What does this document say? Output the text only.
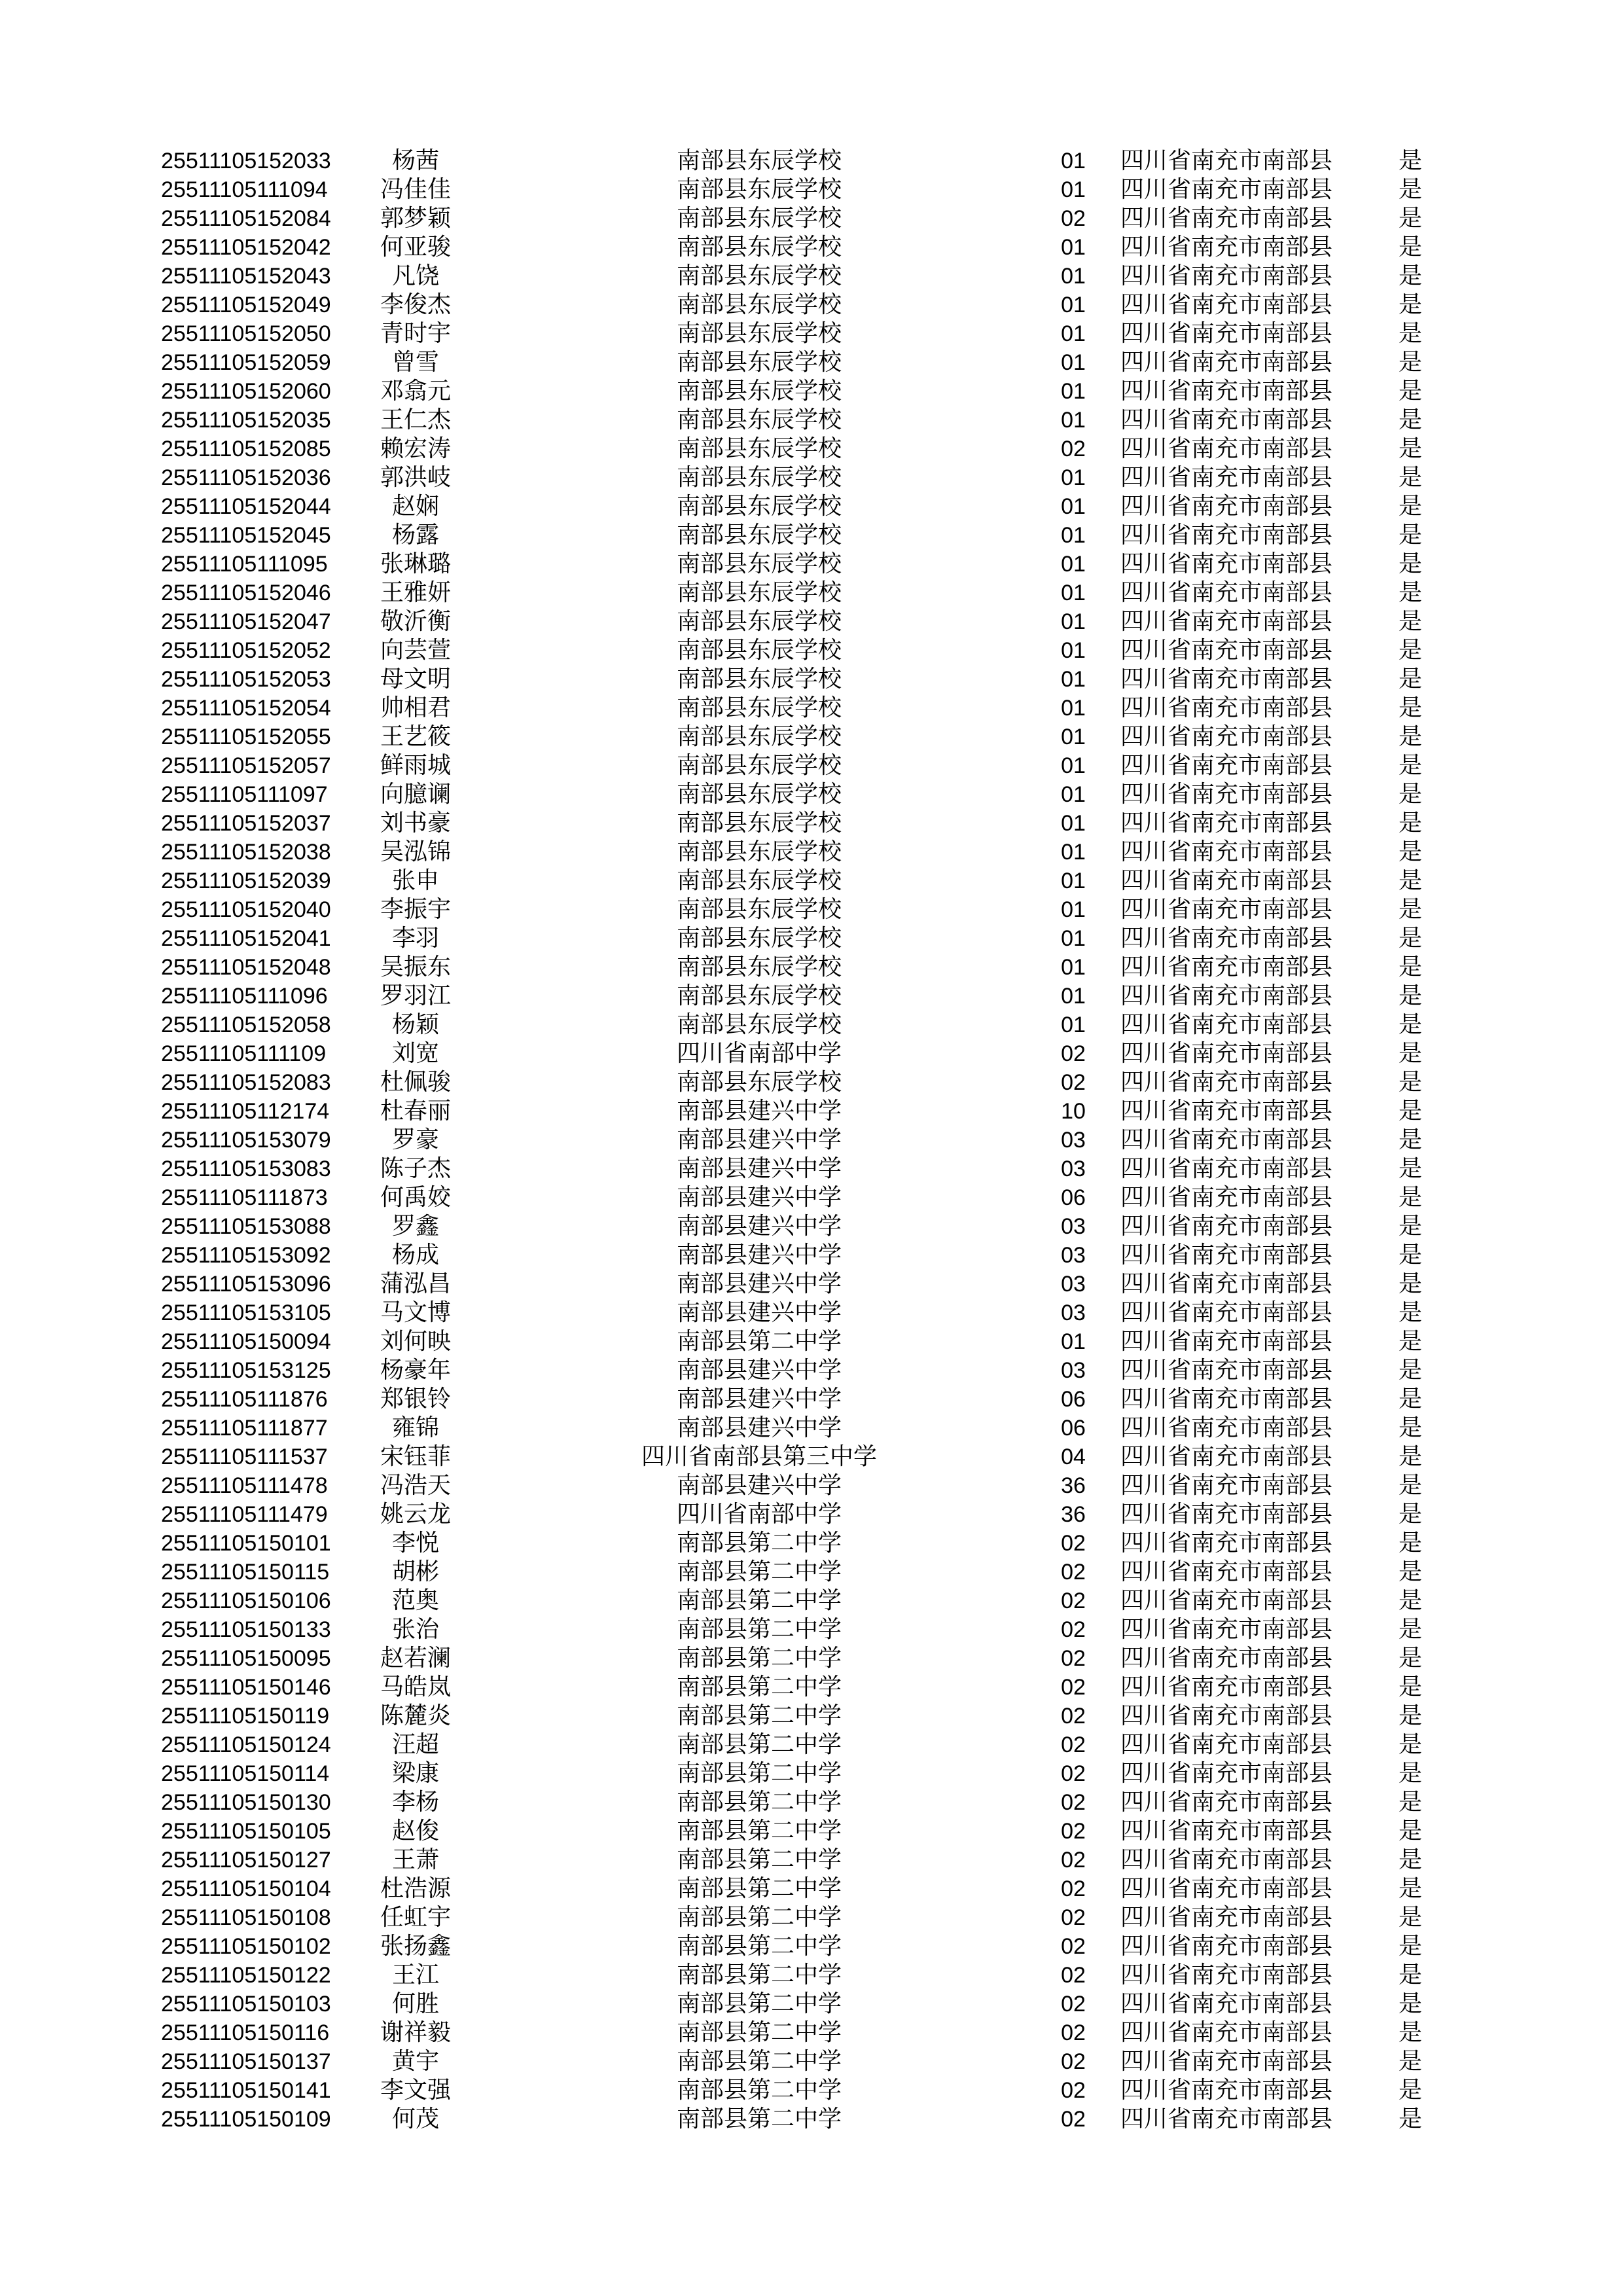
25511105152033	杨茜	南部县东辰学校	01	四川省南充市南部县	是
25511105111094	冯佳佳	南部县东辰学校	01	四川省南充市南部县	是
25511105152084	郭梦颖	南部县东辰学校	02	四川省南充市南部县	是
25511105152042	何亚骏	南部县东辰学校	01	四川省南充市南部县	是
25511105152043	凡饶	南部县东辰学校	01	四川省南充市南部县	是
25511105152049	李俊杰	南部县东辰学校	01	四川省南充市南部县	是
25511105152050	青时宇	南部县东辰学校	01	四川省南充市南部县	是
25511105152059	曾雪	南部县东辰学校	01	四川省南充市南部县	是
25511105152060	邓翕元	南部县东辰学校	01	四川省南充市南部县	是
25511105152035	王仁杰	南部县东辰学校	01	四川省南充市南部县	是
25511105152085	赖宏涛	南部县东辰学校	02	四川省南充市南部县	是
25511105152036	郭洪岐	南部县东辰学校	01	四川省南充市南部县	是
25511105152044	赵娴	南部县东辰学校	01	四川省南充市南部县	是
25511105152045	杨露	南部县东辰学校	01	四川省南充市南部县	是
25511105111095	张琳璐	南部县东辰学校	01	四川省南充市南部县	是
25511105152046	王雅妍	南部县东辰学校	01	四川省南充市南部县	是
25511105152047	敬沂衡	南部县东辰学校	01	四川省南充市南部县	是
25511105152052	向芸萱	南部县东辰学校	01	四川省南充市南部县	是
25511105152053	母文明	南部县东辰学校	01	四川省南充市南部县	是
25511105152054	帅相君	南部县东辰学校	01	四川省南充市南部县	是
25511105152055	王艺筱	南部县东辰学校	01	四川省南充市南部县	是
25511105152057	鲜雨城	南部县东辰学校	01	四川省南充市南部县	是
25511105111097	向臆谰	南部县东辰学校	01	四川省南充市南部县	是
25511105152037	刘书豪	南部县东辰学校	01	四川省南充市南部县	是
25511105152038	吴泓锦	南部县东辰学校	01	四川省南充市南部县	是
25511105152039	张申	南部县东辰学校	01	四川省南充市南部县	是
25511105152040	李振宇	南部县东辰学校	01	四川省南充市南部县	是
25511105152041	李羽	南部县东辰学校	01	四川省南充市南部县	是
25511105152048	吴振东	南部县东辰学校	01	四川省南充市南部县	是
25511105111096	罗羽江	南部县东辰学校	01	四川省南充市南部县	是
25511105152058	杨颖	南部县东辰学校	01	四川省南充市南部县	是
25511105111109	刘宽	四川省南部中学	02	四川省南充市南部县	是
25511105152083	杜佩骏	南部县东辰学校	02	四川省南充市南部县	是
25511105112174	杜春丽	南部县建兴中学	10	四川省南充市南部县	是
25511105153079	罗豪	南部县建兴中学	03	四川省南充市南部县	是
25511105153083	陈子杰	南部县建兴中学	03	四川省南充市南部县	是
25511105111873	何禹姣	南部县建兴中学	06	四川省南充市南部县	是
25511105153088	罗鑫	南部县建兴中学	03	四川省南充市南部县	是
25511105153092	杨成	南部县建兴中学	03	四川省南充市南部县	是
25511105153096	蒲泓昌	南部县建兴中学	03	四川省南充市南部县	是
25511105153105	马文博	南部县建兴中学	03	四川省南充市南部县	是
25511105150094	刘何映	南部县第二中学	01	四川省南充市南部县	是
25511105153125	杨豪年	南部县建兴中学	03	四川省南充市南部县	是
25511105111876	郑银铃	南部县建兴中学	06	四川省南充市南部县	是
25511105111877	雍锦	南部县建兴中学	06	四川省南充市南部县	是
25511105111537	宋钰菲	四川省南部县第三中学	04	四川省南充市南部县	是
25511105111478	冯浩天	南部县建兴中学	36	四川省南充市南部县	是
25511105111479	姚云龙	四川省南部中学	36	四川省南充市南部县	是
25511105150101	李悦	南部县第二中学	02	四川省南充市南部县	是
25511105150115	胡彬	南部县第二中学	02	四川省南充市南部县	是
25511105150106	范奥	南部县第二中学	02	四川省南充市南部县	是
25511105150133	张治	南部县第二中学	02	四川省南充市南部县	是
25511105150095	赵若澜	南部县第二中学	02	四川省南充市南部县	是
25511105150146	马皓岚	南部县第二中学	02	四川省南充市南部县	是
25511105150119	陈麓炎	南部县第二中学	02	四川省南充市南部县	是
25511105150124	汪超	南部县第二中学	02	四川省南充市南部县	是
25511105150114	梁康	南部县第二中学	02	四川省南充市南部县	是
25511105150130	李杨	南部县第二中学	02	四川省南充市南部县	是
25511105150105	赵俊	南部县第二中学	02	四川省南充市南部县	是
25511105150127	王萧	南部县第二中学	02	四川省南充市南部县	是
25511105150104	杜浩源	南部县第二中学	02	四川省南充市南部县	是
25511105150108	任虹宇	南部县第二中学	02	四川省南充市南部县	是
25511105150102	张扬鑫	南部县第二中学	02	四川省南充市南部县	是
25511105150122	王江	南部县第二中学	02	四川省南充市南部县	是
25511105150103	何胜	南部县第二中学	02	四川省南充市南部县	是
25511105150116	谢祥毅	南部县第二中学	02	四川省南充市南部县	是
25511105150137	黄宇	南部县第二中学	02	四川省南充市南部县	是
25511105150141	李文强	南部县第二中学	02	四川省南充市南部县	是
25511105150109	何茂	南部县第二中学	02	四川省南充市南部县	是
